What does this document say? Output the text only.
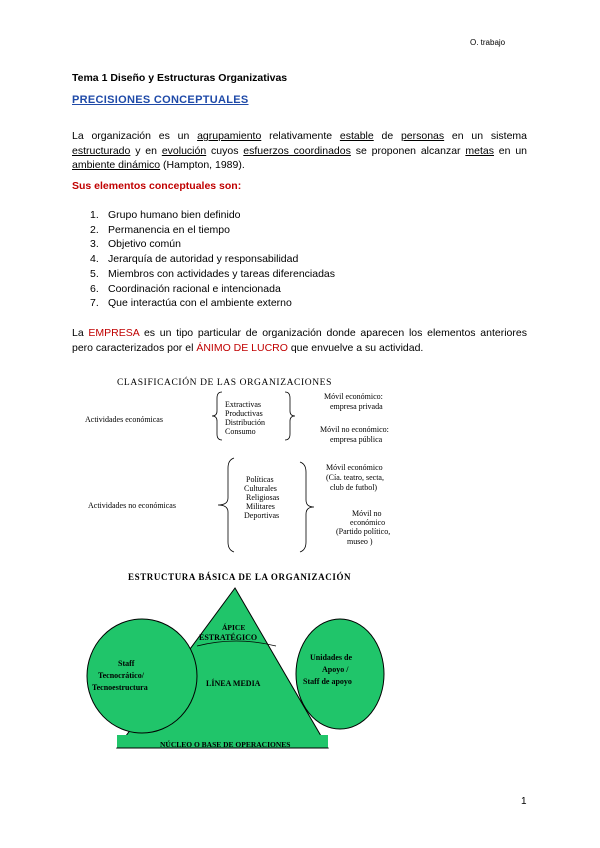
O. trabajo
Tema 1 Diseño y Estructuras Organizativas
PRECISIONES CONCEPTUALES
La organización es un agrupamiento relativamente estable de personas en un sistema estructurado y en evolución cuyos esfuerzos coordinados se proponen alcanzar metas en un ambiente dinámico (Hampton, 1989).
Sus elementos conceptuales son:
1. Grupo humano bien definido
2. Permanencia en el tiempo
3. Objetivo común
4. Jerarquía de autoridad y responsabilidad
5. Miembros con actividades y tareas diferenciadas
6. Coordinación racional e intencionada
7. Que interactúa con el ambiente externo
La EMPRESA es un tipo particular de organización donde aparecen los elementos anteriores pero caracterizados por el ÁNIMO DE LUCRO que envuelve a su actividad.
CLASIFICACIÓN DE LAS ORGANIZACIONES
Actividades económicas
Extractivas
Productivas
Distribución
Consumo
Móvil económico:
empresa privada
Móvil no económico:
empresa pública
Actividades no económicas
Políticas
Culturales
Religiosas
Militares
Deportivas
Móvil económico
(Cía. teatro, secta,
club de futbol)
Móvil no
económico
(Partido político,
museo )
ESTRUCTURA BÁSICA DE LA ORGANIZACIÓN
ÁPICE
ESTRATÉGICO
Staff
Tecnocrático/
Tecnoestructura	LÍNEA MEDIA
Unidades de
Apoyo /
Staff de apoyo
NÚCLEO O BASE DE OPERACIONES
1
